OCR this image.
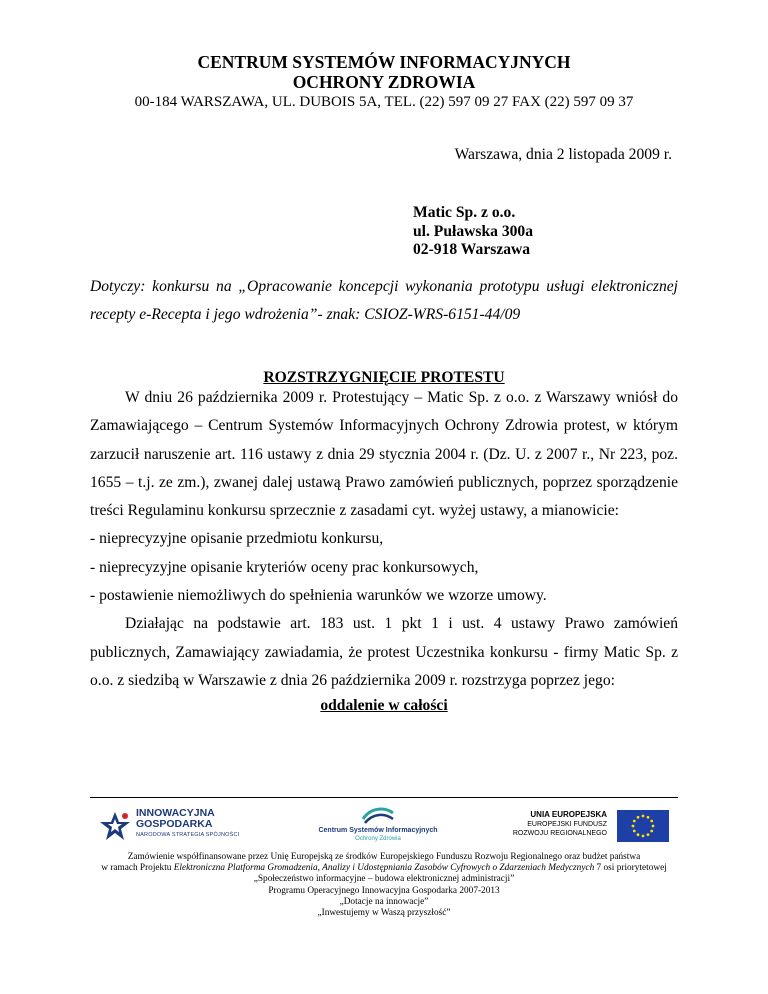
CENTRUM SYSTEMÓW INFORMACYJNYCH
OCHRONY ZDROWIA
00-184 WARSZAWA, UL. DUBOIS 5A, TEL. (22) 597 09 27 FAX (22) 597 09 37
Warszawa, dnia 2 listopada 2009 r.
Matic Sp. z o.o.
ul. Puławska 300a
02-918 Warszawa
Dotyczy: konkursu na „Opracowanie koncepcji wykonania prototypu usługi elektronicznej
recepty e-Recepta i jego wdrożenia”- znak: CSIOZ-WRS-6151-44/09
ROZSTRZYGNIĘCIE PROTESTU
W dniu 26 października 2009 r. Protestujący – Matic Sp. z o.o. z Warszawy wniósł do Zamawiającego – Centrum Systemów Informacyjnych Ochrony Zdrowia protest, w którym zarzucił naruszenie art. 116 ustawy z dnia 29 stycznia 2004 r. (Dz. U. z 2007 r., Nr 223, poz. 1655 – t.j. ze zm.), zwanej dalej ustawą Prawo zamówień publicznych, poprzez sporządzenie treści Regulaminu konkursu sprzecznie z zasadami cyt. wyżej ustawy, a mianowicie:
- nieprecyzyjne opisanie przedmiotu konkursu,
- nieprecyzyjne opisanie kryteriów oceny prac konkursowych,
- postawienie niemożliwych do spełnienia warunków we wzorze umowy.
Działając na podstawie art. 183 ust. 1 pkt 1 i ust. 4 ustawy Prawo zamówień publicznych, Zamawiający zawiadamia, że protest Uczestnika konkursu - firmy Matic Sp. z o.o. z siedzibą w Warszawie z dnia 26 października 2009 r. rozstrzyga poprzez jego:
oddalenie w całości
INNOWACYJNA
GOSPODARKA
NARODOWA STRATEGIA SPÓJNOŚCI
Centrum Systemów Informacyjnych
Ochrony Zdrowia
UNIA EUROPEJSKA
EUROPEJSKI FUNDUSZ
ROZWOJU REGIONALNEGO
Zamówienie współfinansowane przez Unię Europejską ze środków Europejskiego Funduszu Rozwoju Regionalnego oraz budżet państwa
w ramach Projektu Elektroniczna Platforma Gromadzenia, Analizy i Udostępniania Zasobów Cyfrowych o Zdarzeniach Medycznych 7 osi priorytetowej
„Społeczeństwo informacyjne – budowa elektronicznej administracji”
Programu Operacyjnego Innowacyjna Gospodarka 2007-2013
„Dotacje na innowacje”
„Inwestujemy w Waszą przyszłość”
